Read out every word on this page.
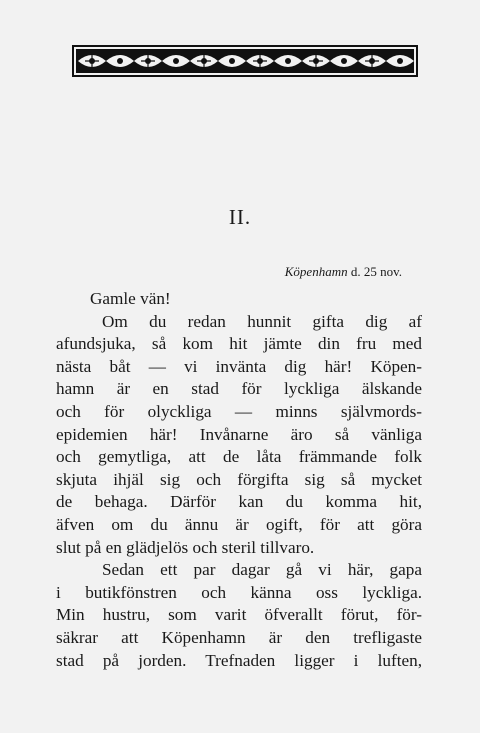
II.
Köpenhamn d. 25 nov.
Gamle vän!
Om du redan hunnit gifta dig af
afundsjuka, så kom hit jämte din fru med
nästa båt — vi invänta dig här! Köpen-
hamn är en stad för lyckliga älskande
och för olyckliga — minns självmords-
epidemien här! Invånarne äro så vänliga
och gemytliga, att de låta främmande folk
skjuta ihjäl sig och förgifta sig så mycket
de behaga. Därför kan du komma hit,
äfven om du ännu är ogift, för att göra
slut på en glädjelös och steril tillvaro.
Sedan ett par dagar gå vi här, gapa
i butikfönstren och känna oss lyckliga.
Min hustru, som varit öfverallt förut, för-
säkrar att Köpenhamn är den trefligaste
stad på jorden. Trefnaden ligger i luften,
